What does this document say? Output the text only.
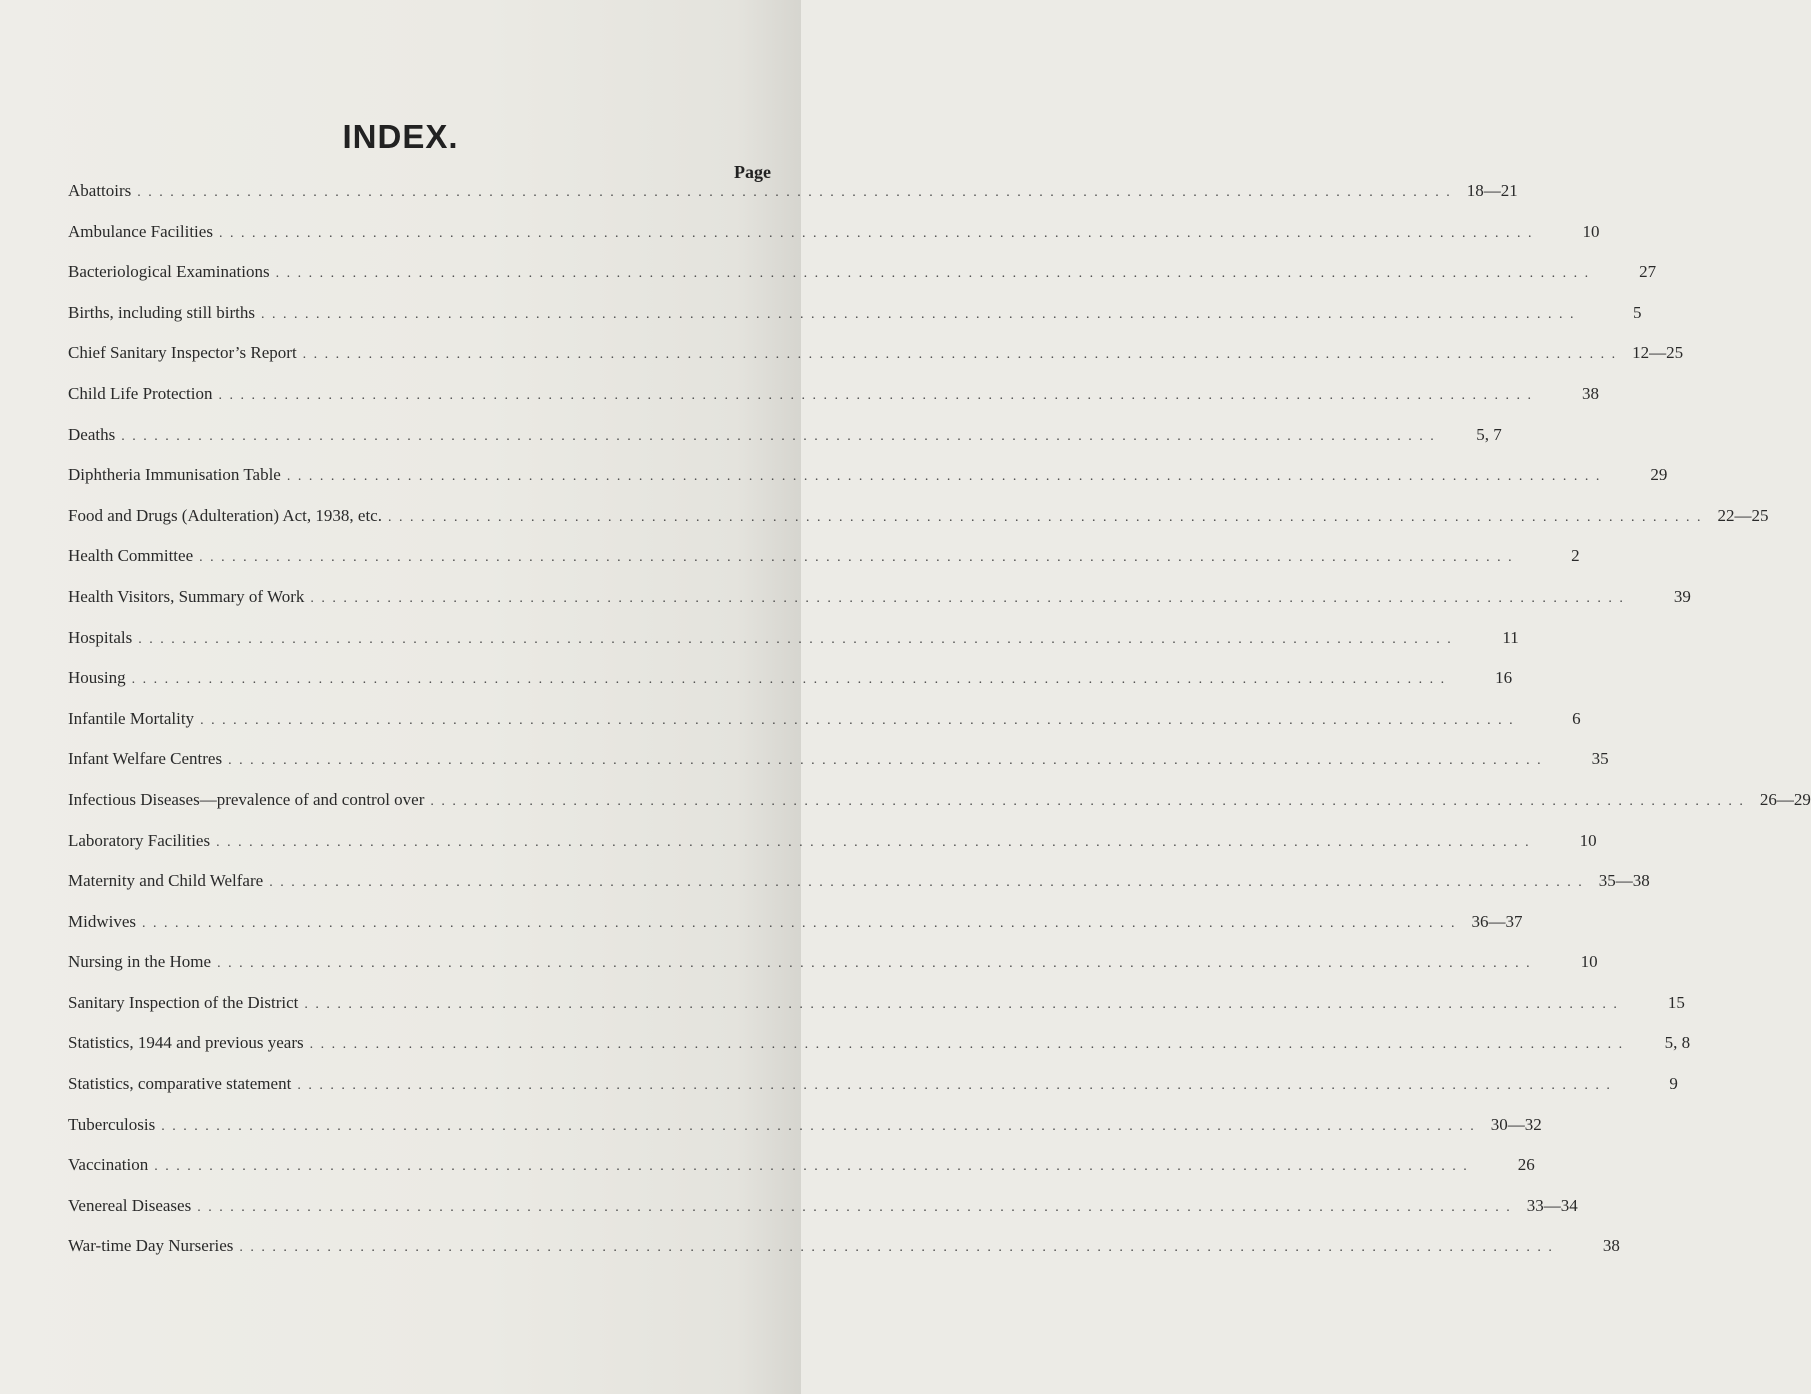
INDEX.
Page
Abattoirs . . . . . . . . . . . . . . . . . . . . . . . . . . . . . . . . . . . . . . . . . . . . . . . . . . . . . . . . . . . . . . . . . . . . . . . . . . . . . . . . . . . . . . . . . . . . . . . . . . . . . . . . . . . . . . . . . . . . . . . . 18—21
Ambulance Facilities . . . . . . . . . . . . . . . . . . . . . . . . . . . . . . . . . . . . . . . . . . . . . . . . . . . . . . . . . . . . . . . . . . . . . . . . . . . . . . . . . . . . . . . . . . . . . . . . . . . . . . . . . . . . . . . . . . . . . . . .	10
Bacteriological Examinations . . . . . . . . . . . . . . . . . . . . . . . . . . . . . . . . . . . . . . . . . . . . . . . . . . . . . . . . . . . . . . . . . . . . . . . . . . . . . . . . . . . . . . . . . . . . . . . . . . . . . . . . . . . . . . . . . . . . . . . .	27
Births, including still births . . . . . . . . . . . . . . . . . . . . . . . . . . . . . . . . . . . . . . . . . . . . . . . . . . . . . . . . . . . . . . . . . . . . . . . . . . . . . . . . . . . . . . . . . . . . . . . . . . . . . . . . . . . . . . . . . . . . . . . .	5
Chief Sanitary Inspector’s Report . . . . . . . . . . . . . . . . . . . . . . . . . . . . . . . . . . . . . . . . . . . . . . . . . . . . . . . . . . . . . . . . . . . . . . . . . . . . . . . . . . . . . . . . . . . . . . . . . . . . . . . . . . . . . . . . . . . . . . . . 12—25
Child Life Protection . . . . . . . . . . . . . . . . . . . . . . . . . . . . . . . . . . . . . . . . . . . . . . . . . . . . . . . . . . . . . . . . . . . . . . . . . . . . . . . . . . . . . . . . . . . . . . . . . . . . . . . . . . . . . . . . . . . . . . . .	38
Deaths . . . . . . . . . . . . . . . . . . . . . . . . . . . . . . . . . . . . . . . . . . . . . . . . . . . . . . . . . . . . . . . . . . . . . . . . . . . . . . . . . . . . . . . . . . . . . . . . . . . . . . . . . . . . . . . . . . . . . . . .	5, 7
Diphtheria Immunisation Table . . . . . . . . . . . . . . . . . . . . . . . . . . . . . . . . . . . . . . . . . . . . . . . . . . . . . . . . . . . . . . . . . . . . . . . . . . . . . . . . . . . . . . . . . . . . . . . . . . . . . . . . . . . . . . . . . . . . . . . .	29
Food and Drugs (Adulteration) Act, 1938, etc. . . . . . . . . . . . . . . . . . . . . . . . . . . . . . . . . . . . . . . . . . . . . . . . . . . . . . . . . . . . . . . . . . . . . . . . . . . . . . . . . . . . . . . . . . . . . . . . . . . . . . . . . . . . . . . . . . . . . . . . . 22—25
Health Committee . . . . . . . . . . . . . . . . . . . . . . . . . . . . . . . . . . . . . . . . . . . . . . . . . . . . . . . . . . . . . . . . . . . . . . . . . . . . . . . . . . . . . . . . . . . . . . . . . . . . . . . . . . . . . . . . . . . . . . . .	2
Health Visitors, Summary of Work . . . . . . . . . . . . . . . . . . . . . . . . . . . . . . . . . . . . . . . . . . . . . . . . . . . . . . . . . . . . . . . . . . . . . . . . . . . . . . . . . . . . . . . . . . . . . . . . . . . . . . . . . . . . . . . . . . . . . . . .	39
Hospitals . . . . . . . . . . . . . . . . . . . . . . . . . . . . . . . . . . . . . . . . . . . . . . . . . . . . . . . . . . . . . . . . . . . . . . . . . . . . . . . . . . . . . . . . . . . . . . . . . . . . . . . . . . . . . . . . . . . . . . . .	11
Housing . . . . . . . . . . . . . . . . . . . . . . . . . . . . . . . . . . . . . . . . . . . . . . . . . . . . . . . . . . . . . . . . . . . . . . . . . . . . . . . . . . . . . . . . . . . . . . . . . . . . . . . . . . . . . . . . . . . . . . . .	16
Infantile Mortality . . . . . . . . . . . . . . . . . . . . . . . . . . . . . . . . . . . . . . . . . . . . . . . . . . . . . . . . . . . . . . . . . . . . . . . . . . . . . . . . . . . . . . . . . . . . . . . . . . . . . . . . . . . . . . . . . . . . . . . .	6
Infant Welfare Centres . . . . . . . . . . . . . . . . . . . . . . . . . . . . . . . . . . . . . . . . . . . . . . . . . . . . . . . . . . . . . . . . . . . . . . . . . . . . . . . . . . . . . . . . . . . . . . . . . . . . . . . . . . . . . . . . . . . . . . . .	35
Infectious Diseases—prevalence of and control over . . . . . . . . . . . . . . . . . . . . . . . . . . . . . . . . . . . . . . . . . . . . . . . . . . . . . . . . . . . . . . . . . . . . . . . . . . . . . . . . . . . . . . . . . . . . . . . . . . . . . . . . . . . . . . . . . . . . . . . . 26—29
Laboratory Facilities . . . . . . . . . . . . . . . . . . . . . . . . . . . . . . . . . . . . . . . . . . . . . . . . . . . . . . . . . . . . . . . . . . . . . . . . . . . . . . . . . . . . . . . . . . . . . . . . . . . . . . . . . . . . . . . . . . . . . . . .	10
Maternity and Child Welfare . . . . . . . . . . . . . . . . . . . . . . . . . . . . . . . . . . . . . . . . . . . . . . . . . . . . . . . . . . . . . . . . . . . . . . . . . . . . . . . . . . . . . . . . . . . . . . . . . . . . . . . . . . . . . . . . . . . . . . . . 35—38
Midwives . . . . . . . . . . . . . . . . . . . . . . . . . . . . . . . . . . . . . . . . . . . . . . . . . . . . . . . . . . . . . . . . . . . . . . . . . . . . . . . . . . . . . . . . . . . . . . . . . . . . . . . . . . . . . . . . . . . . . . . . 36—37
Nursing in the Home . . . . . . . . . . . . . . . . . . . . . . . . . . . . . . . . . . . . . . . . . . . . . . . . . . . . . . . . . . . . . . . . . . . . . . . . . . . . . . . . . . . . . . . . . . . . . . . . . . . . . . . . . . . . . . . . . . . . . . . .	10
Sanitary Inspection of the District . . . . . . . . . . . . . . . . . . . . . . . . . . . . . . . . . . . . . . . . . . . . . . . . . . . . . . . . . . . . . . . . . . . . . . . . . . . . . . . . . . . . . . . . . . . . . . . . . . . . . . . . . . . . . . . . . . . . . . . .	15
Statistics, 1944 and previous years . . . . . . . . . . . . . . . . . . . . . . . . . . . . . . . . . . . . . . . . . . . . . . . . . . . . . . . . . . . . . . . . . . . . . . . . . . . . . . . . . . . . . . . . . . . . . . . . . . . . . . . . . . . . . . . . . . . . . . . .	5, 8
Statistics, comparative statement . . . . . . . . . . . . . . . . . . . . . . . . . . . . . . . . . . . . . . . . . . . . . . . . . . . . . . . . . . . . . . . . . . . . . . . . . . . . . . . . . . . . . . . . . . . . . . . . . . . . . . . . . . . . . . . . . . . . . . . .	9
Tuberculosis . . . . . . . . . . . . . . . . . . . . . . . . . . . . . . . . . . . . . . . . . . . . . . . . . . . . . . . . . . . . . . . . . . . . . . . . . . . . . . . . . . . . . . . . . . . . . . . . . . . . . . . . . . . . . . . . . . . . . . . . 30—32
Vaccination . . . . . . . . . . . . . . . . . . . . . . . . . . . . . . . . . . . . . . . . . . . . . . . . . . . . . . . . . . . . . . . . . . . . . . . . . . . . . . . . . . . . . . . . . . . . . . . . . . . . . . . . . . . . . . . . . . . . . . . .	26
Venereal Diseases . . . . . . . . . . . . . . . . . . . . . . . . . . . . . . . . . . . . . . . . . . . . . . . . . . . . . . . . . . . . . . . . . . . . . . . . . . . . . . . . . . . . . . . . . . . . . . . . . . . . . . . . . . . . . . . . . . . . . . . . 33—34
War-time Day Nurseries . . . . . . . . . . . . . . . . . . . . . . . . . . . . . . . . . . . . . . . . . . . . . . . . . . . . . . . . . . . . . . . . . . . . . . . . . . . . . . . . . . . . . . . . . . . . . . . . . . . . . . . . . . . . . . . . . . . . . . . .	38
